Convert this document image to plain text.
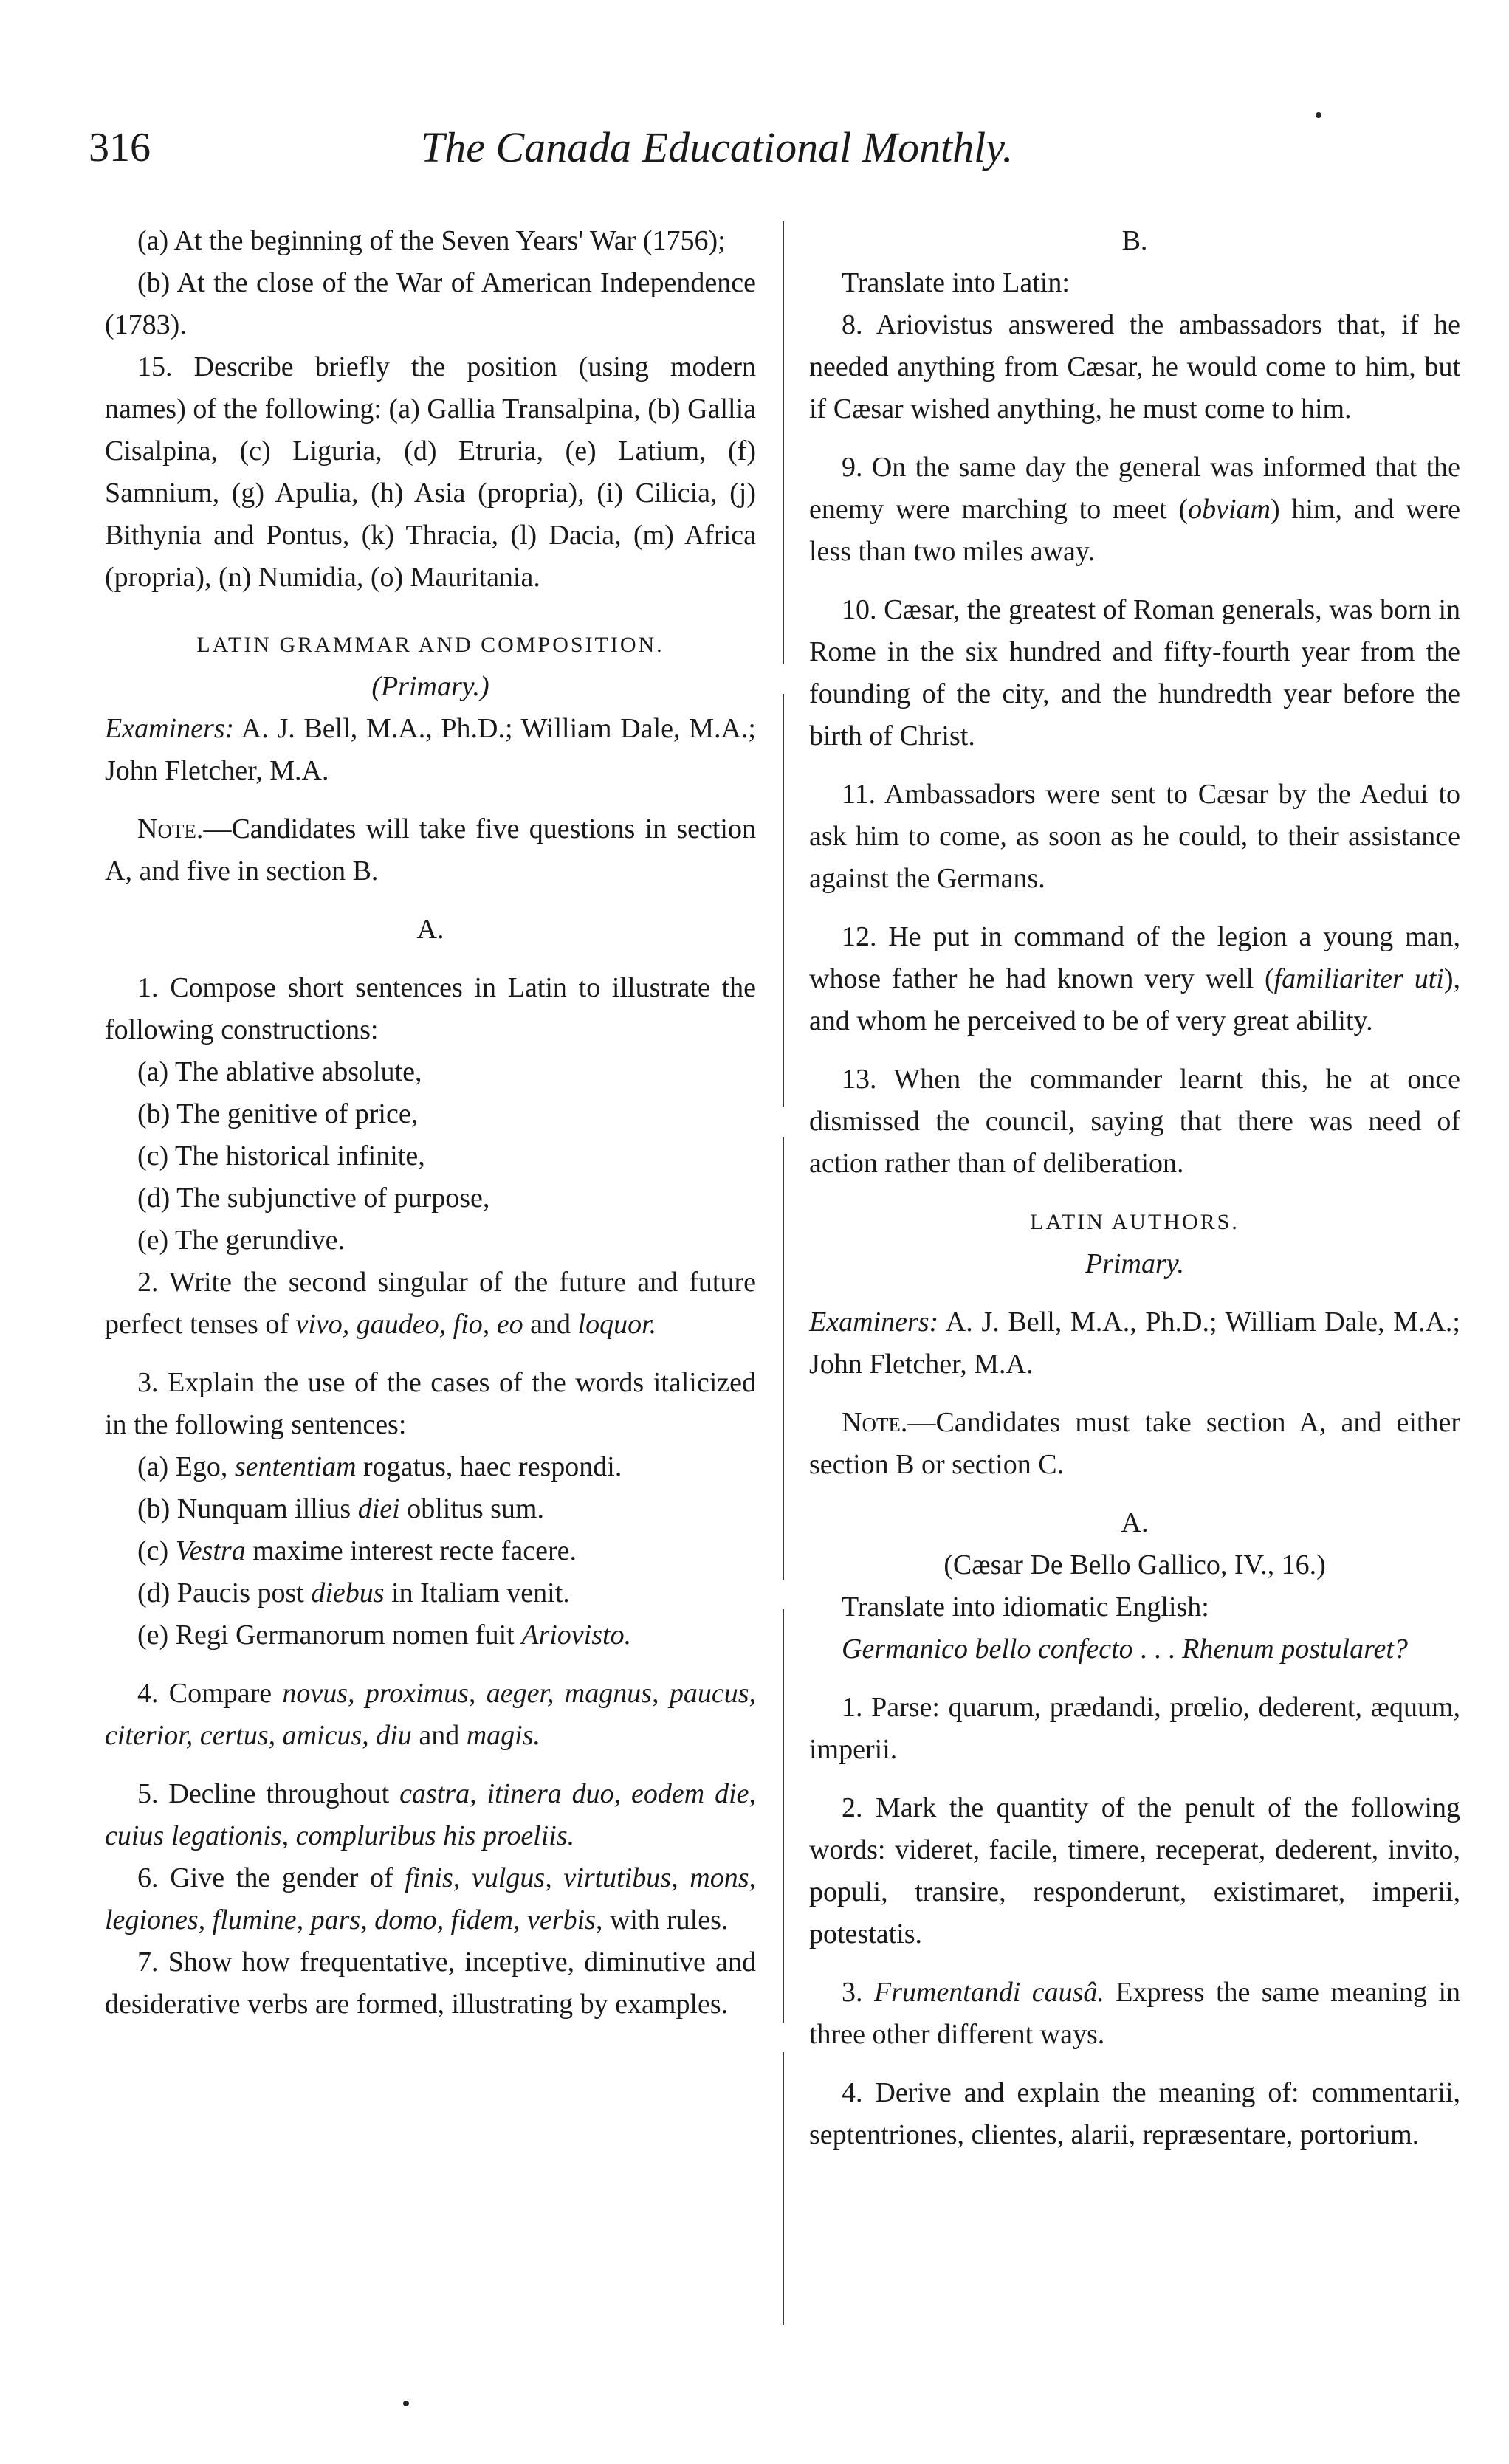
316	The Canada Educational Monthly.

(a) At the beginning of the Seven Years' War (1756);

(b) At the close of the War of American Independence (1783).

15. Describe briefly the position (using modern names) of the following: (a) Gallia Transalpina, (b) Gallia Cisalpina, (c) Liguria, (d) Etruria, (e) Latium, (f) Samnium, (g) Apulia, (h) Asia (propria), (i) Cilicia, (j) Bithynia and Pontus, (k) Thracia, (l) Dacia, (m) Africa (propria), (n) Numidia, (o) Mauritania.

LATIN GRAMMAR AND COMPOSITION.

(Primary.)

Examiners: A. J. Bell, M.A., Ph.D.; William Dale, M.A.; John Fletcher, M.A.

Note.—Candidates will take five questions in section A, and five in section B.

A.

1. Compose short sentences in Latin to illustrate the following constructions:

(a) The ablative absolute,

(b) The genitive of price,

(c) The historical infinite,

(d) The subjunctive of purpose,

(e) The gerundive.

2. Write the second singular of the future and future perfect tenses of vivo, gaudeo, fio, eo and loquor.

3. Explain the use of the cases of the words italicized in the following sentences:

(a) Ego, sententiam rogatus, haec respondi.

(b) Nunquam illius diei oblitus sum.

(c) Vestra maxime interest recte facere.

(d) Paucis post diebus in Italiam venit.

(e) Regi Germanorum nomen fuit Ariovisto.

4. Compare novus, proximus, aeger, magnus, paucus, citerior, certus, amicus, diu and magis.

5. Decline throughout castra, itinera duo, eodem die, cuius legationis, compluribus his proeliis.

6. Give the gender of finis, vulgus, virtutibus, mons, legiones, flumine, pars, domo, fidem, verbis, with rules.

7. Show how frequentative, inceptive, diminutive and desiderative verbs are formed, illustrating by examples.

B.

Translate into Latin:

8. Ariovistus answered the ambassadors that, if he needed anything from Cæsar, he would come to him, but if Cæsar wished anything, he must come to him.

9. On the same day the general was informed that the enemy were marching to meet (obviam) him, and were less than two miles away.

10. Cæsar, the greatest of Roman generals, was born in Rome in the six hundred and fifty-fourth year from the founding of the city, and the hundredth year before the birth of Christ.

11. Ambassadors were sent to Cæsar by the Aedui to ask him to come, as soon as he could, to their assistance against the Germans.

12. He put in command of the legion a young man, whose father he had known very well (familiariter uti), and whom he perceived to be of very great ability.

13. When the commander learnt this, he at once dismissed the council, saying that there was need of action rather than of deliberation.

LATIN AUTHORS.

Primary.

Examiners: A. J. Bell, M.A., Ph.D.; William Dale, M.A.; John Fletcher, M.A.

Note.—Candidates must take section A, and either section B or section C.

A.

(Cæsar De Bello Gallico, IV., 16.)

Translate into idiomatic English:

Germanico bello confecto . . . Rhenum postularet?

1. Parse: quarum, prædandi, prœlio, dederent, æquum, imperii.

2. Mark the quantity of the penult of the following words: videret, facile, timere, receperat, dederent, invito, populi, transire, responderunt, existimaret, imperii, potestatis.

3. Frumentandi causâ. Express the same meaning in three other different ways.

4. Derive and explain the meaning of: commentarii, septentriones, clientes, alarii, repræsentare, portorium.
